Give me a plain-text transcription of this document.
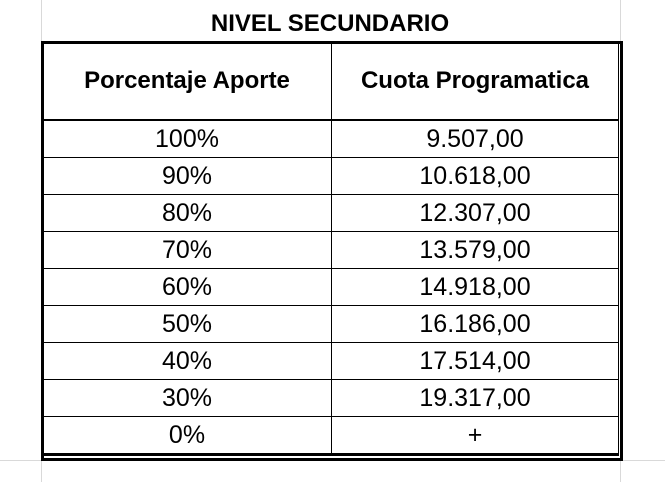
NIVEL SECUNDARIO
Porcentaje Aporte	Cuota Programatica
100%	9.507,00
90%	10.618,00
80%	12.307,00
70%	13.579,00
60%	14.918,00
50%	16.186,00
40%	17.514,00
30%	19.317,00
0%	+
